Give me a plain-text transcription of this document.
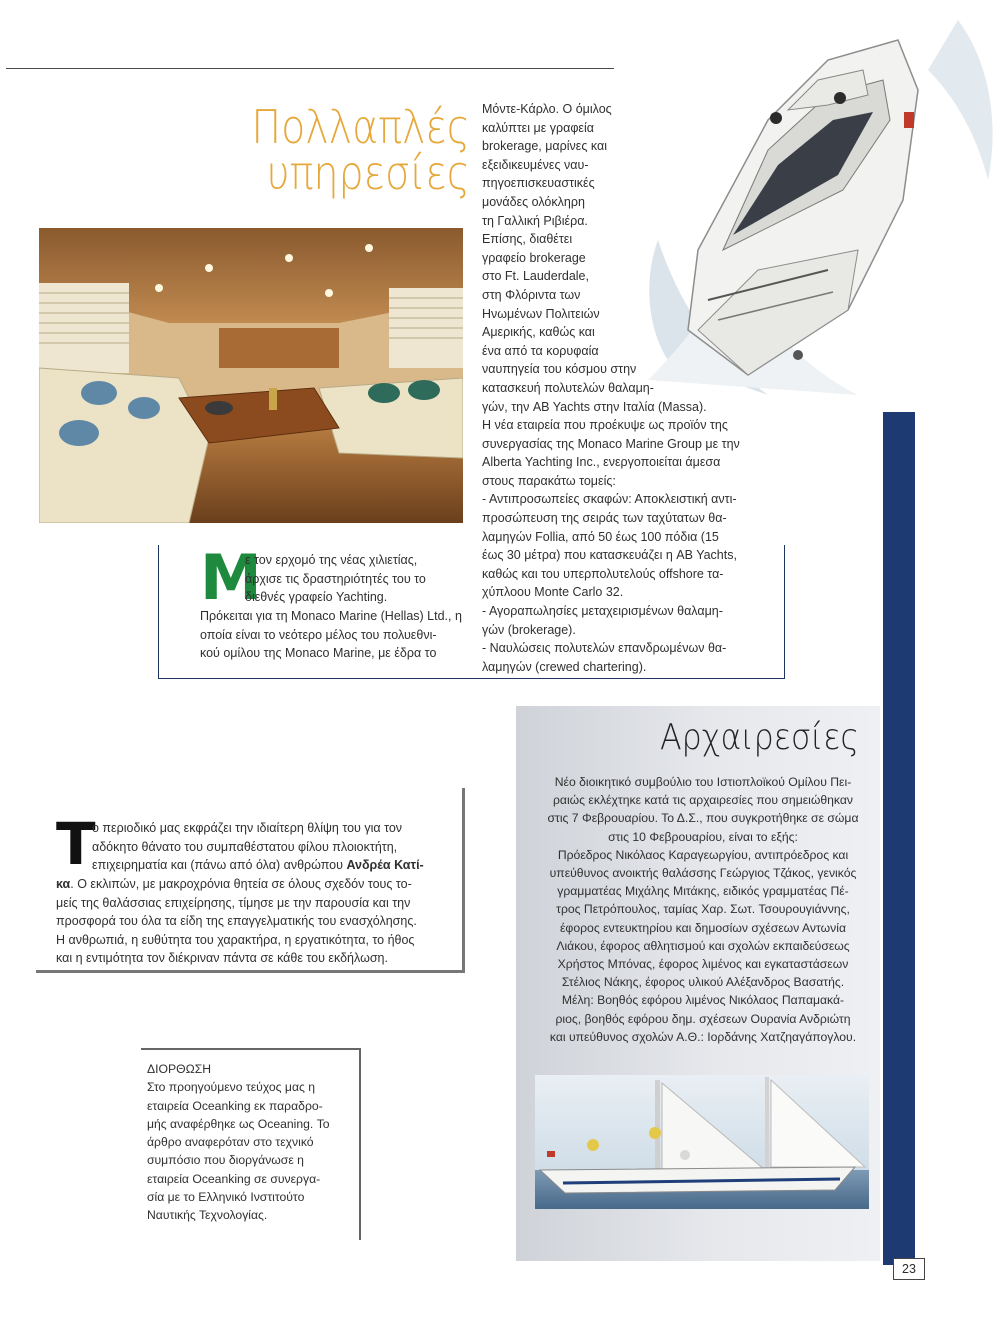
Πολλαπλές
υπηρεσίες

Μόντε-Κάρλο. Ο όμιλος

καλύπτει με γραφεία

brokerage, μαρίνες και

εξειδικευμένες ναυ-

πηγοεπισκευαστικές

μονάδες ολόκληρη

τη Γαλλική Ριβιέρα.

Επίσης, διαθέτει

γραφείο brokerage

στο Ft. Lauderdale,

στη Φλόριντα των

Ηνωμένων Πολιτειών

Αμερικής, καθώς και

ένα από τα κορυφαία

ναυπηγεία του κόσμου στην

κατασκευή πολυτελών θαλαμη-

γών, την AB Yachts στην Ιταλία (Massa).

Η νέα εταιρεία που προέκυψε ως προϊόν της

συνεργασίας της Monaco Marine Group με την

Alberta Yachting Inc., ενεργοποιείται άμεσα

στους παρακάτω τομείς:

- Αντιπροσωπείες σκαφών: Αποκλειστική αντι-

προσώπευση της σειράς των ταχύτατων θα-

λαμηγών Follia, από 50 έως 100 πόδια (15

έως 30 μέτρα) που κατασκευάζει η AB Yachts,

καθώς και του υπερπολυτελούς offshore τα-

χύπλοου Monte Carlo 32.

- Αγοραπωλησίες μεταχειρισμένων θαλαμη-

γών (brokerage).

- Ναυλώσεις πολυτελών επανδρωμένων θα-

λαμηγών (crewed chartering).

Μ

ε τον ερχομό της νέας χιλιετίας,

άρχισε τις δραστηριότητές του το

διεθνές γραφείο Yachting.

Πρόκειται για τη Monaco Marine (Hellas) Ltd., η

οποία είναι το νεότερο μέλος του πολυεθνι-

κού ομίλου της Monaco Marine, με έδρα το

Αρχαιρεσίες

Νέο διοικητικό συμβούλιο του Ιστιοπλοϊκού Ομίλου Πει-

ραιώς εκλέχτηκε κατά τις αρχαιρεσίες που σημειώθηκαν

στις 7 Φεβρουαρίου. Το Δ.Σ., που συγκροτήθηκε σε σώμα

στις 10 Φεβρουαρίου, είναι το εξής:

Πρόεδρος Νικόλαος Καραγεωργίου, αντιπρόεδρος και

υπεύθυνος ανοικτής θαλάσσης Γεώργιος Τζάκος, γενικός

γραμματέας Μιχάλης Μιτάκης, ειδικός γραμματέας Πέ-

τρος Πετρόπουλος, ταμίας Χαρ. Σωτ. Τσουρουγιάννης,

έφορος εντευκτηρίου και δημοσίων σχέσεων Αντωνία

Λιάκου, έφορος αθλητισμού και σχολών εκπαιδεύσεως

Χρήστος Μπόνας, έφορος λιμένος και εγκαταστάσεων

Στέλιος Νάκης, έφορος υλικού Αλέξανδρος Βασατής.

Μέλη: Βοηθός εφόρου λιμένος Νικόλαος Παπαμακά-

ριος, βοηθός εφόρου δημ. σχέσεων Ουρανία Ανδριώτη

και υπεύθυνος σχολών Α.Θ.: Ιορδάνης Χατζηαγάπογλου.

Τ

ο περιοδικό μας εκφράζει την ιδιαίτερη θλίψη του για τον

αδόκητο θάνατο του συμπαθέστατου φίλου πλοιοκτήτη,

επιχειρηματία και (πάνω από όλα) ανθρώπου Ανδρέα Κατί-

κα. Ο εκλιπών, με μακροχρόνια θητεία σε όλους σχεδόν τους το-

μείς της θαλάσσιας επιχείρησης, τίμησε με την παρουσία και την

προσφορά του όλα τα είδη της επαγγελματικής του ενασχόλησης.

Η ανθρωπιά, η ευθύτητα του χαρακτήρα, η εργατικότητα, το ήθος

και η εντιμότητα τον διέκριναν πάντα σε κάθε του εκδήλωση.

ΔΙΟΡΘΩΣΗ

Στο προηγούμενο τεύχος μας η

εταιρεία Oceanking εκ παραδρο-

μής αναφέρθηκε ως Oceaning. Το

άρθρο αναφερόταν στο τεχνικό

συμπόσιο που διοργάνωσε η

εταιρεία Oceanking σε συνεργα-

σία με το Ελληνικό Ινστιτούτο

Ναυτικής Τεχνολογίας.

23
